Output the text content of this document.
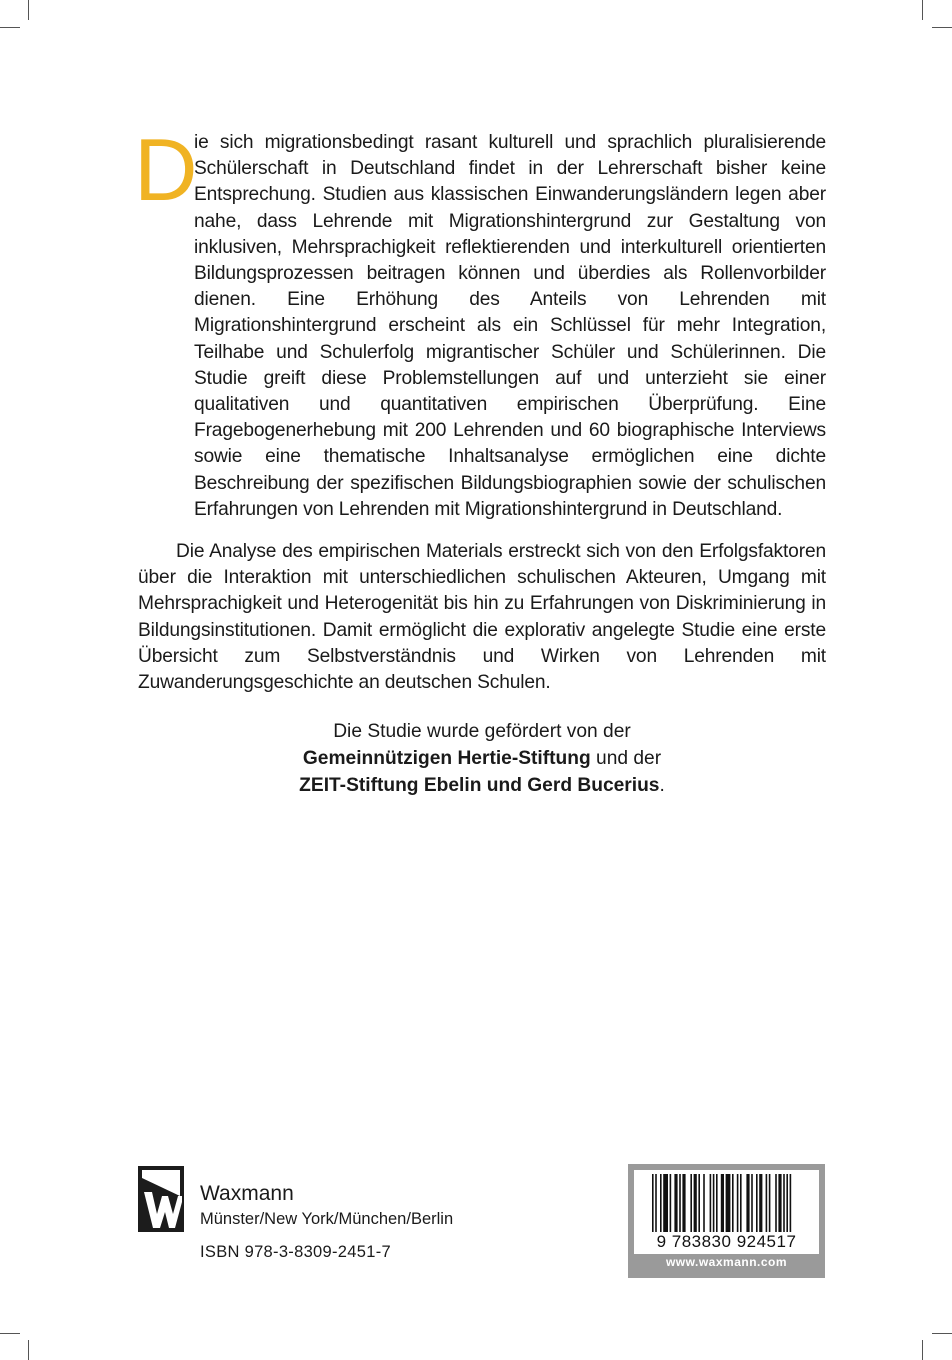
D
ie sich migrationsbedingt rasant kulturell und sprachlich pluralisierende Schülerschaft in Deutschland findet in der Lehrerschaft bisher keine Entsprechung. Studien aus klassischen Einwanderungsländern legen aber nahe, dass Lehrende mit Migrationshintergrund zur Gestaltung von inklusiven, Mehrsprachigkeit reflektierenden und interkulturell orientierten Bildungsprozessen beitragen können und überdies als Rollenvorbilder dienen. Eine Erhöhung des Anteils von Lehrenden mit Migrationshintergrund erscheint als ein Schlüssel für mehr Integration, Teilhabe und Schulerfolg migrantischer Schüler und Schülerinnen. Die Studie greift diese Problemstellungen auf und unterzieht sie einer qualitativen und quantitativen empirischen Überprüfung. Eine Fragebogenerhebung mit 200 Lehrenden und 60 biographische Interviews sowie eine thematische Inhaltsanalyse ermöglichen eine dichte Beschreibung der spezifischen Bildungsbiographien sowie der schulischen Erfahrungen von Lehrenden mit Migrationshintergrund in Deutschland.

Die Analyse des empirischen Materials erstreckt sich von den Erfolgsfaktoren über die Interaktion mit unterschiedlichen schulischen Akteuren, Umgang mit Mehrsprachigkeit und Heterogenität bis hin zu Erfahrungen von Diskriminierung in Bildungsinstitutionen. Damit ermöglicht die explorativ angelegte Studie eine erste Übersicht zum Selbstverständnis und Wirken von Lehrenden mit Zuwanderungsgeschichte an deutschen Schulen.

Die Studie wurde gefördert von der
Gemeinnützigen Hertie-Stiftung und der
ZEIT-Stiftung Ebelin und Gerd Bucerius.
Waxmann
Münster/New York/München/Berlin
ISBN 978-3-8309-2451-7
9 783830 924517
www.waxmann.com
